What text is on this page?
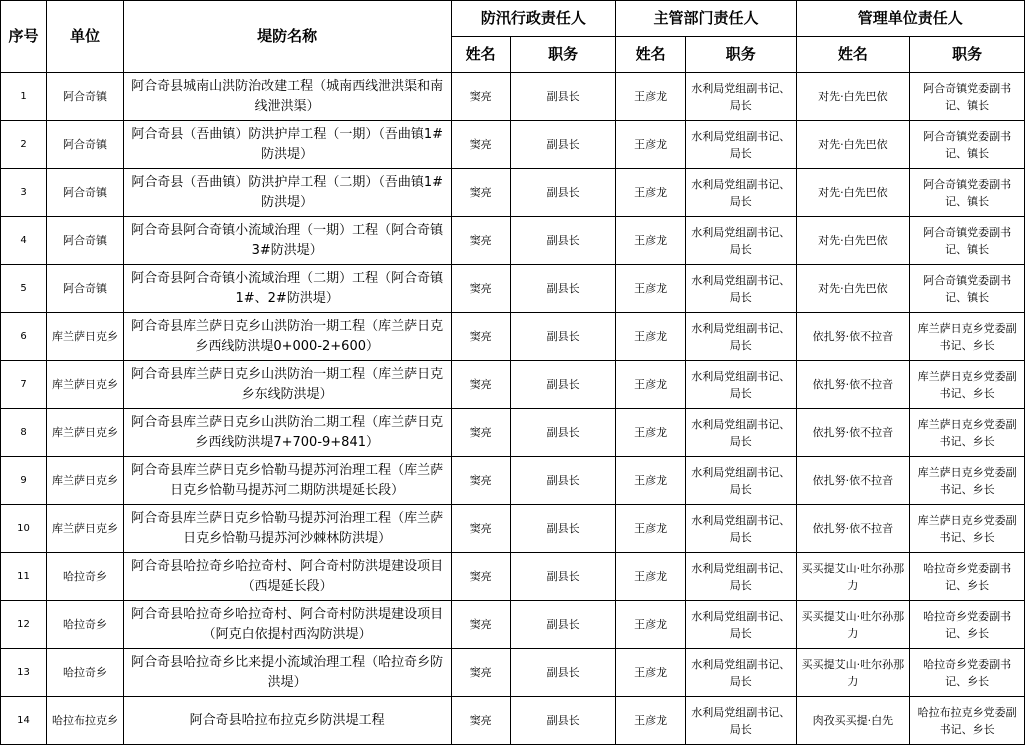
序号	单位	堤防名称	防汛行政责任人		主管部门责任人		管理单位责任人	
			姓名	职务	姓名	职务	姓名	职务
1	阿合奇镇	阿合奇县城南山洪防治改建工程（城南西线泄洪渠和南线泄洪渠）	窦亮	副县长	王彦龙	水利局党组副书记、局长	对先·白先巴依	阿合奇镇党委副书记、镇长
2	阿合奇镇	阿合奇县（吾曲镇）防洪护岸工程（一期）（吾曲镇1#防洪堤）	窦亮	副县长	王彦龙	水利局党组副书记、局长	对先·白先巴依	阿合奇镇党委副书记、镇长
3	阿合奇镇	阿合奇县（吾曲镇）防洪护岸工程（二期）（吾曲镇1#防洪堤）	窦亮	副县长	王彦龙	水利局党组副书记、局长	对先·白先巴依	阿合奇镇党委副书记、镇长
4	阿合奇镇	阿合奇县阿合奇镇小流域治理（一期）工程（阿合奇镇3#防洪堤）	窦亮	副县长	王彦龙	水利局党组副书记、局长	对先·白先巴依	阿合奇镇党委副书记、镇长
5	阿合奇镇	阿合奇县阿合奇镇小流域治理（二期）工程（阿合奇镇1#、2#防洪堤）	窦亮	副县长	王彦龙	水利局党组副书记、局长	对先·白先巴依	阿合奇镇党委副书记、镇长
6	库兰萨日克乡	阿合奇县库兰萨日克乡山洪防治一期工程（库兰萨日克乡西线防洪堤0+000-2+600）	窦亮	副县长	王彦龙	水利局党组副书记、局长	依扎努·依不拉音	库兰萨日克乡党委副书记、乡长
7	库兰萨日克乡	阿合奇县库兰萨日克乡山洪防治一期工程（库兰萨日克乡东线防洪堤）	窦亮	副县长	王彦龙	水利局党组副书记、局长	依扎努·依不拉音	库兰萨日克乡党委副书记、乡长
8	库兰萨日克乡	阿合奇县库兰萨日克乡山洪防治二期工程（库兰萨日克乡西线防洪堤7+700-9+841）	窦亮	副县长	王彦龙	水利局党组副书记、局长	依扎努·依不拉音	库兰萨日克乡党委副书记、乡长
9	库兰萨日克乡	阿合奇县库兰萨日克乡恰勒马提苏河治理工程（库兰萨日克乡恰勒马提苏河二期防洪堤延长段）	窦亮	副县长	王彦龙	水利局党组副书记、局长	依扎努·依不拉音	库兰萨日克乡党委副书记、乡长
10	库兰萨日克乡	阿合奇县库兰萨日克乡恰勒马提苏河治理工程（库兰萨日克乡恰勒马提苏河沙棘林防洪堤）	窦亮	副县长	王彦龙	水利局党组副书记、局长	依扎努·依不拉音	库兰萨日克乡党委副书记、乡长
11	哈拉奇乡	阿合奇县哈拉奇乡哈拉奇村、阿合奇村防洪堤建设项目（西堤延长段）	窦亮	副县长	王彦龙	水利局党组副书记、局长	买买提艾山·吐尔孙那力	哈拉奇乡党委副书记、乡长
12	哈拉奇乡	阿合奇县哈拉奇乡哈拉奇村、阿合奇村防洪堤建设项目（阿克白依提村西沟防洪堤）	窦亮	副县长	王彦龙	水利局党组副书记、局长	买买提艾山·吐尔孙那力	哈拉奇乡党委副书记、乡长
13	哈拉奇乡	阿合奇县哈拉奇乡比来提小流域治理工程（哈拉奇乡防洪堤）	窦亮	副县长	王彦龙	水利局党组副书记、局长	买买提艾山·吐尔孙那力	哈拉奇乡党委副书记、乡长
14	哈拉布拉克乡	阿合奇县哈拉布拉克乡防洪堤工程	窦亮	副县长	王彦龙	水利局党组副书记、局长	肉孜买买提·白先	哈拉布拉克乡党委副书记、乡长
